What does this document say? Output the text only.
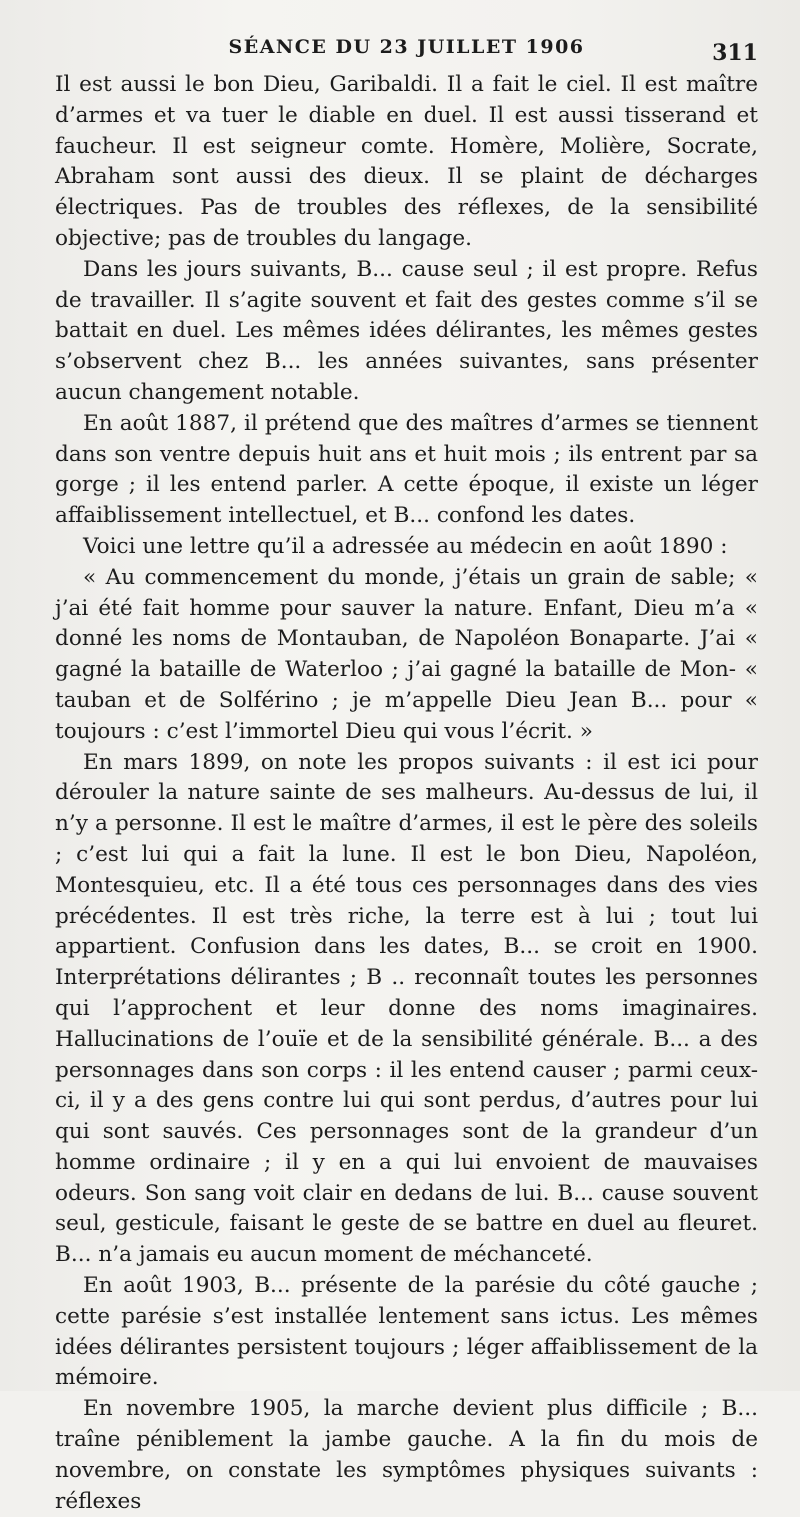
SÉANCE DU 23 JUILLET 1906	311

Il est aussi le bon Dieu, Garibaldi. Il a fait le ciel. Il est maître d’armes et va tuer le diable en duel. Il est aussi tisserand et faucheur. Il est seigneur comte. Homère, Molière, Socrate, Abraham sont aussi des dieux. Il se plaint de décharges électriques. Pas de troubles des réflexes, de la sensibilité objective; pas de troubles du langage.

Dans les jours suivants, B... cause seul ; il est propre. Refus de travailler. Il s’agite souvent et fait des gestes comme s’il se battait en duel. Les mêmes idées délirantes, les mêmes gestes s’observent chez B... les années suivantes, sans présenter aucun changement notable.

En août 1887, il prétend que des maîtres d’armes se tiennent dans son ventre depuis huit ans et huit mois ; ils entrent par sa gorge ; il les entend parler. A cette époque, il existe un léger affaiblissement intellectuel, et B... confond les dates.

Voici une lettre qu’il a adressée au médecin en août 1890 :

« Au commencement du monde, j’étais un grain de sable; « j’ai été fait homme pour sauver la nature. Enfant, Dieu m’a « donné les noms de Montauban, de Napoléon Bonaparte. J’ai « gagné la bataille de Waterloo ; j’ai gagné la bataille de Mon- « tauban et de Solférino ; je m’appelle Dieu Jean B... pour « toujours : c’est l’immortel Dieu qui vous l’écrit. »

En mars 1899, on note les propos suivants : il est ici pour dérouler la nature sainte de ses malheurs. Au-dessus de lui, il n’y a personne. Il est le maître d’armes, il est le père des soleils ; c’est lui qui a fait la lune. Il est le bon Dieu, Napoléon, Montesquieu, etc. Il a été tous ces personnages dans des vies précédentes. Il est très riche, la terre est à lui ; tout lui appartient. Confusion dans les dates, B... se croit en 1900. Interprétations délirantes ; B .. reconnaît toutes les personnes qui l’approchent et leur donne des noms imaginaires. Hallucinations de l’ouïe et de la sensibilité générale. B... a des personnages dans son corps : il les entend causer ; parmi ceux-ci, il y a des gens contre lui qui sont perdus, d’autres pour lui qui sont sauvés. Ces personnages sont de la grandeur d’un homme ordinaire ; il y en a qui lui envoient de mauvaises odeurs. Son sang voit clair en dedans de lui. B... cause souvent seul, gesticule, faisant le geste de se battre en duel au fleuret. B... n’a jamais eu aucun moment de méchanceté.

En août 1903, B... présente de la parésie du côté gauche ; cette parésie s’est installée lentement sans ictus. Les mêmes idées délirantes persistent toujours ; léger affaiblissement de la mémoire.

En novembre 1905, la marche devient plus difficile ; B... traîne péniblement la jambe gauche. A la fin du mois de novembre, on constate les symptômes physiques suivants : réflexes
